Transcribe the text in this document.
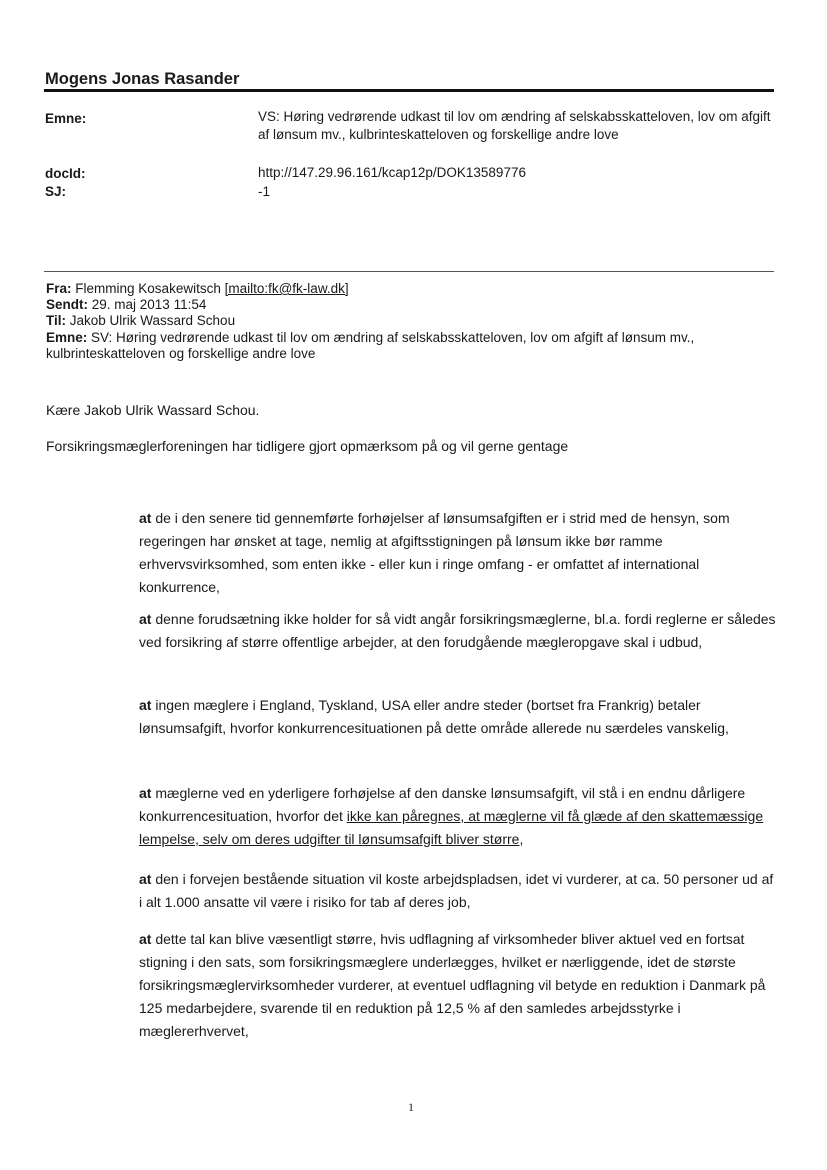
Mogens Jonas Rasander
Emne:	VS: Høring vedrørende udkast til lov om ændring af selskabsskatteloven, lov om afgift af lønsum mv., kulbrinteskatteloven og forskellige andre love
docId:	http://147.29.96.161/kcap12p/DOK13589776
SJ:	-1
Fra: Flemming Kosakewitsch [mailto:fk@fk-law.dk]
Sendt: 29. maj 2013 11:54
Til: Jakob Ulrik Wassard Schou
Emne: SV: Høring vedrørende udkast til lov om ændring af selskabsskatteloven, lov om afgift af lønsum mv., kulbrinteskatteloven og forskellige andre love
Kære Jakob Ulrik Wassard Schou.
Forsikringsmæglerforeningen har tidligere gjort opmærksom på og vil gerne gentage
at de i den senere tid gennemførte forhøjelser af lønsumsafgiften er i strid med de hensyn, som regeringen har ønsket at tage, nemlig at afgiftsstigningen på lønsum ikke bør ramme erhvervsvirksomhed, som enten ikke - eller kun i ringe omfang - er omfattet af international konkurrence,
at denne forudsætning ikke holder for så vidt angår forsikringsmæglerne, bl.a. fordi reglerne er således ved forsikring af større offentlige arbejder, at den forudgående mægleropgave skal i udbud,
at ingen mæglere i England, Tyskland, USA eller andre steder (bortset fra Frankrig) betaler lønsumsafgift, hvorfor konkurrencesituationen på dette område allerede nu særdeles vanskelig,
at mæglerne ved en yderligere forhøjelse af den danske lønsumsafgift, vil stå i en endnu dårligere konkurrencesituation, hvorfor det ikke kan påregnes, at mæglerne vil få glæde af den skattemæssige lempelse, selv om deres udgifter til lønsumsafgift bliver større,
at den i forvejen bestående situation vil koste arbejdspladsen, idet vi vurderer, at ca. 50 personer ud af i alt 1.000 ansatte vil være i risiko for tab af deres job,
at dette tal kan blive væsentligt større, hvis udflagning af virksomheder bliver aktuel ved en fortsat stigning i den sats, som forsikringsmæglere underlægges, hvilket er nærliggende, idet de største forsikringsmæglervirksomheder vurderer, at eventuel udflagning vil betyde en reduktion i Danmark på 125 medarbejdere, svarende til en reduktion på 12,5 % af den samledes arbejdsstyrke i mæglererhvervet,
1
